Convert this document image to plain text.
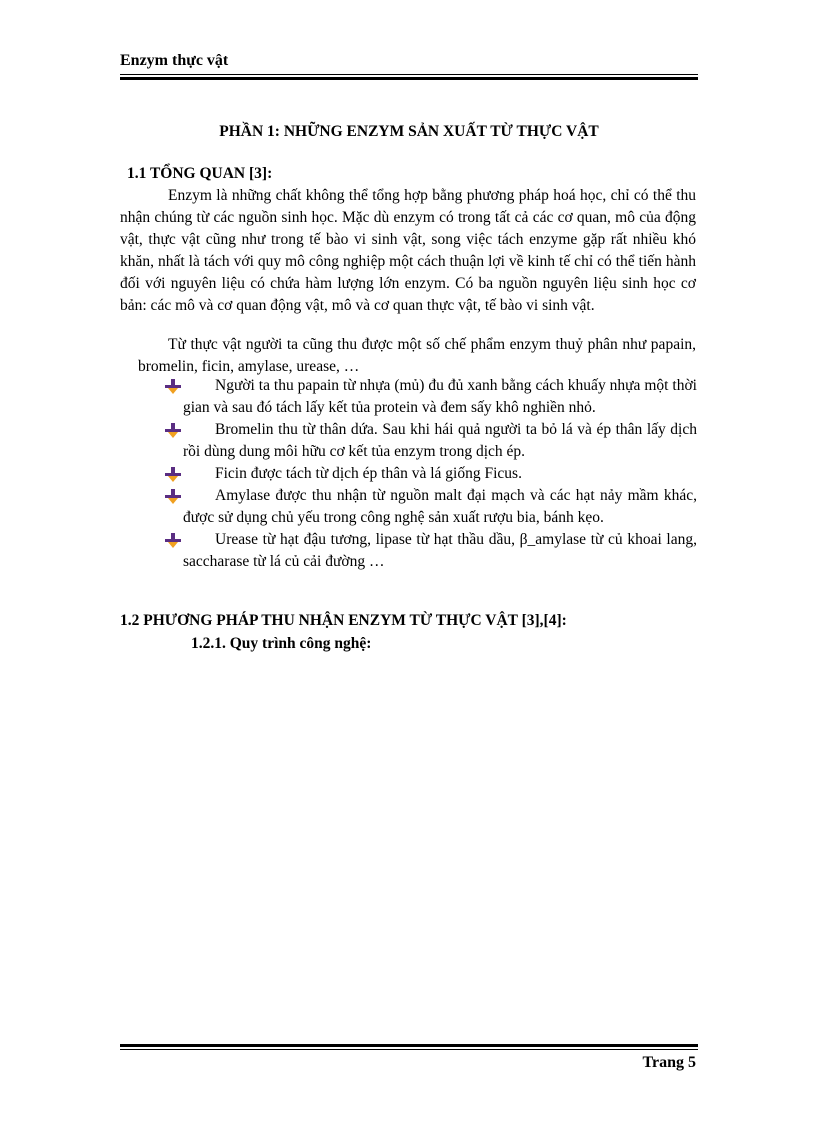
Enzym thực vật
PHẦN 1: NHỮNG ENZYM SẢN XUẤT TỪ THỰC VẬT
1.1 TỔNG QUAN [3]:
Enzym là những chất không thể tổng hợp bằng phương pháp hoá học, chỉ có thể thu nhận chúng từ các nguồn sinh học. Mặc dù enzym có trong tất cả các cơ quan, mô của động vật, thực vật cũng như trong tế bào vi sinh vật, song việc tách enzyme gặp rất nhiều khó khăn, nhất là tách với quy mô công nghiệp một cách thuận lợi về kinh tế chỉ có thể tiến hành đối với nguyên liệu có chứa hàm lượng lớn enzym. Có ba nguồn nguyên liệu sinh học cơ bản: các mô và cơ quan động vật, mô và cơ quan thực vật, tế bào vi sinh vật.
Từ thực vật người ta cũng thu được một số chế phẩm enzym thuỷ phân như papain, bromelin, ficin, amylase, urease, …
Người ta thu papain từ nhựa (mủ) đu đủ xanh bằng cách khuấy nhựa một thời gian và sau đó tách lấy kết tủa protein và đem sấy khô nghiền nhỏ.
Bromelin thu từ thân dứa. Sau khi hái quả người ta bỏ lá và ép thân lấy dịch rồi dùng dung môi hữu cơ kết tủa enzym trong dịch ép.
Ficin được tách từ dịch ép thân và lá giống Ficus.
Amylase được thu nhận từ nguồn malt đại mạch và các hạt nảy mầm khác, được sử dụng chủ yếu trong công nghệ sản xuất rượu bia, bánh kẹo.
Urease từ hạt đậu tương, lipase từ hạt thầu dầu, β_amylase từ củ khoai lang, saccharase từ lá củ cải đường …
1.2 PHƯƠNG PHÁP THU NHẬN ENZYM TỪ THỰC VẬT [3],[4]:
1.2.1. Quy trình công nghệ:
Trang 5
